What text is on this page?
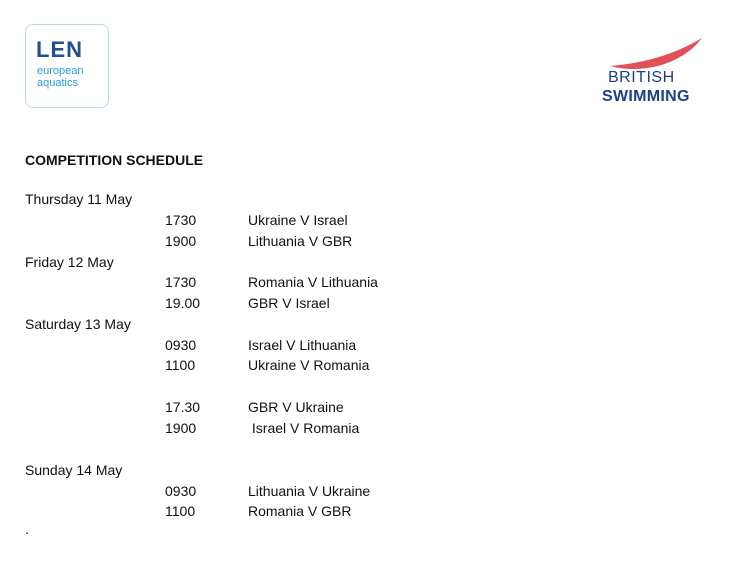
LEN
european
aquatics	BRITISH
SWIMMING
COMPETITION SCHEDULE
Thursday 11 May
1730	Ukraine V Israel
1900	Lithuania V GBR
Friday 12 May
1730	Romania V Lithuania
19.00	GBR V Israel
Saturday 13 May
0930	Israel V Lithuania
1100	Ukraine V Romania
17.30	GBR V Ukraine
1900	Israel V Romania
Sunday 14 May
0930	Lithuania V Ukraine
1100	Romania V GBR
.
